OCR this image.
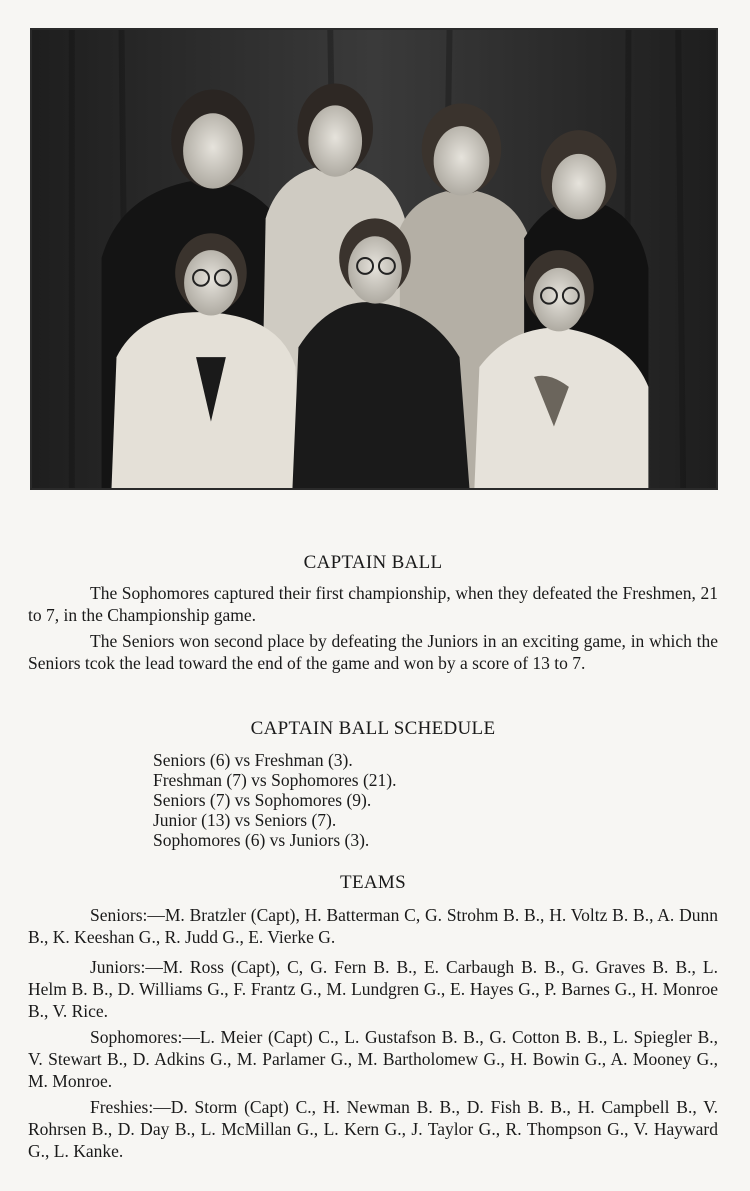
CAPTAIN BALL

The Sophomores captured their first championship, when they defeated the Freshmen, 21 to 7, in the Championship game.

The Seniors won second place by defeating the Juniors in an exciting game, in which the Seniors tcok the lead toward the end of the game and won by a score of 13 to 7.

CAPTAIN BALL SCHEDULE
Seniors (6) vs Freshman (3).
Freshman (7) vs Sophomores (21).
Seniors (7) vs Sophomores (9).
Junior (13) vs Seniors (7).
Sophomores (6) vs Juniors (3).
TEAMS

Seniors:—M. Bratzler (Capt), H. Batterman C, G. Strohm B. B., H. Voltz B. B., A. Dunn B., K. Keeshan G., R. Judd G., E. Vierke G.

Juniors:—M. Ross (Capt), C, G. Fern B. B., E. Carbaugh B. B., G. Graves B. B., L. Helm B. B., D. Williams G., F. Frantz G., M. Lundgren G., E. Hayes G., P. Barnes G., H. Monroe B., V. Rice.

Sophomores:—L. Meier (Capt) C., L. Gustafson B. B., G. Cotton B. B., L. Spiegler B., V. Stewart B., D. Adkins G., M. Parlamer G., M. Bartholomew G., H. Bowin G., A. Mooney G., M. Monroe.

Freshies:—D. Storm (Capt) C., H. Newman B. B., D. Fish B. B., H. Campbell B., V. Rohrsen B., D. Day B., L. McMillan G., L. Kern G., J. Taylor G., R. Thompson G., V. Hayward G., L. Kanke.
